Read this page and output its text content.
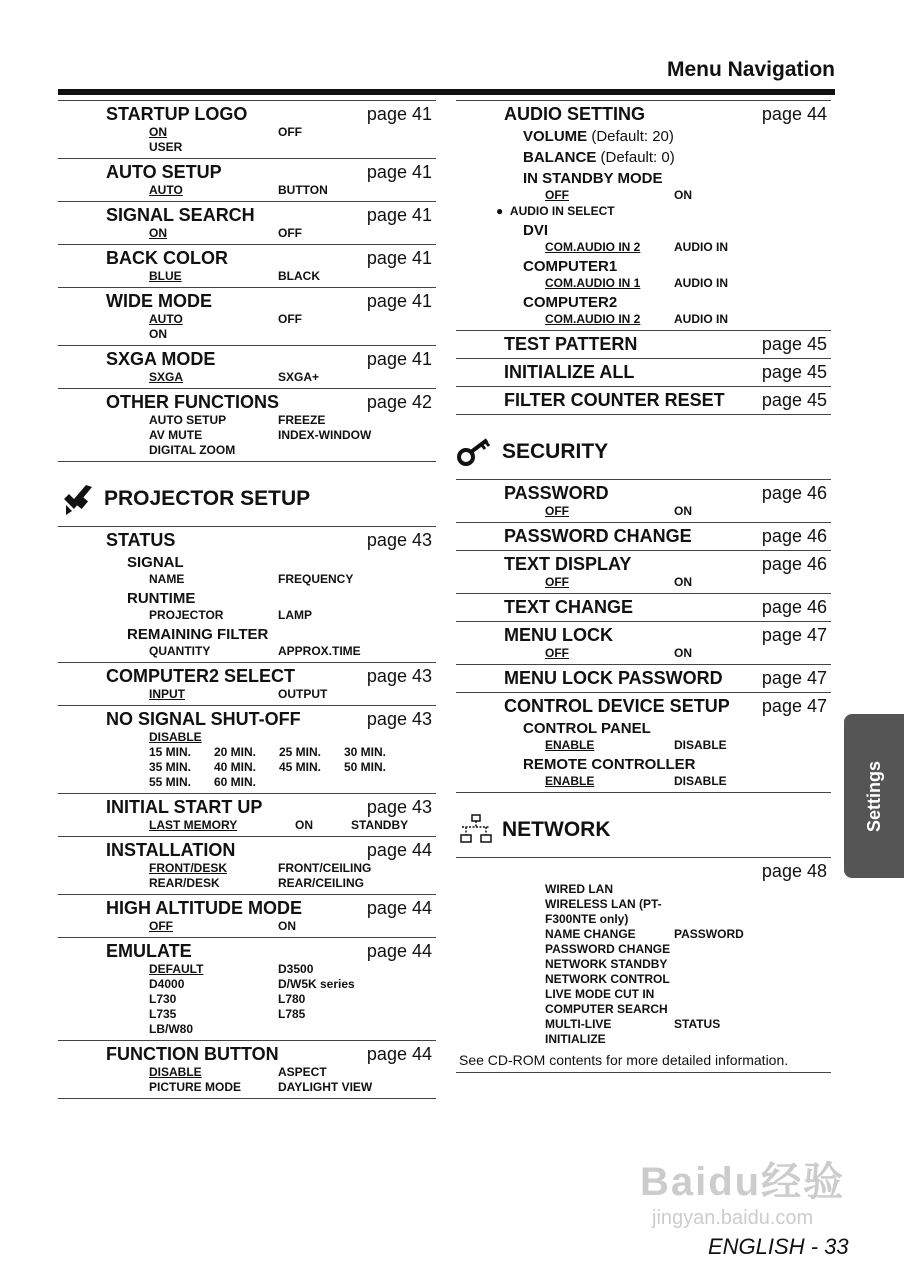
Menu Navigation
STARTUP LOGO	page 41
ON	OFF
USER
AUTO SETUP	page 41
AUTO	BUTTON
SIGNAL SEARCH	page 41
ON	OFF
BACK COLOR	page 41
BLUE	BLACK
WIDE MODE	page 41
AUTO	OFF
ON
SXGA MODE	page 41
SXGA	SXGA+
OTHER FUNCTIONS	page 42
AUTO SETUP	FREEZE
AV MUTE	INDEX-WINDOW
DIGITAL ZOOM
PROJECTOR SETUP
STATUS	page 43
SIGNAL
NAME	FREQUENCY
RUNTIME
PROJECTOR	LAMP
REMAINING FILTER
QUANTITY	APPROX.TIME
COMPUTER2 SELECT	page 43
INPUT	OUTPUT
NO SIGNAL SHUT-OFF	page 43
DISABLE
15 MIN.	20 MIN.	25 MIN.	30 MIN.
35 MIN.	40 MIN.	45 MIN.	50 MIN.
55 MIN.	60 MIN.
INITIAL START UP	page 43
LAST MEMORY	ON	STANDBY
INSTALLATION	page 44
FRONT/DESK	FRONT/CEILING
REAR/DESK	REAR/CEILING
HIGH ALTITUDE MODE	page 44
OFF	ON
EMULATE	page 44
DEFAULT	D3500
D4000	D/W5K series
L730	L780
L735	L785
LB/W80
FUNCTION BUTTON	page 44
DISABLE	ASPECT
PICTURE MODE	DAYLIGHT VIEW
AUDIO SETTING	page 44
VOLUME (Default: 20)
BALANCE (Default: 0)
IN STANDBY MODE
OFF	ON
●  AUDIO IN SELECT
DVI
COM.AUDIO IN 2	AUDIO IN
COMPUTER1
COM.AUDIO IN 1	AUDIO IN
COMPUTER2
COM.AUDIO IN 2	AUDIO IN
TEST PATTERN	page 45
INITIALIZE ALL	page 45
FILTER COUNTER RESET page 45
SECURITY
PASSWORD	page 46
OFF	ON
PASSWORD CHANGE	page 46
TEXT DISPLAY	page 46
OFF	ON
TEXT CHANGE	page 46
MENU LOCK	page 47
OFF	ON
MENU LOCK PASSWORD page 47
CONTROL DEVICE SETUP page 47
CONTROL PANEL
ENABLE	DISABLE
REMOTE CONTROLLER
ENABLE	DISABLE
NETWORK
page 48
WIRED LAN
WIRELESS LAN (PT-F300NTE only)
NAME CHANGE	PASSWORD
PASSWORD CHANGE
NETWORK STANDBY
NETWORK CONTROL
LIVE MODE CUT IN
COMPUTER SEARCH
MULTI-LIVE	STATUS
INITIALIZE
See CD-ROM contents for more detailed information.
Settings
Baidu经验
jingyan.baidu.com
ENGLISH - 33
